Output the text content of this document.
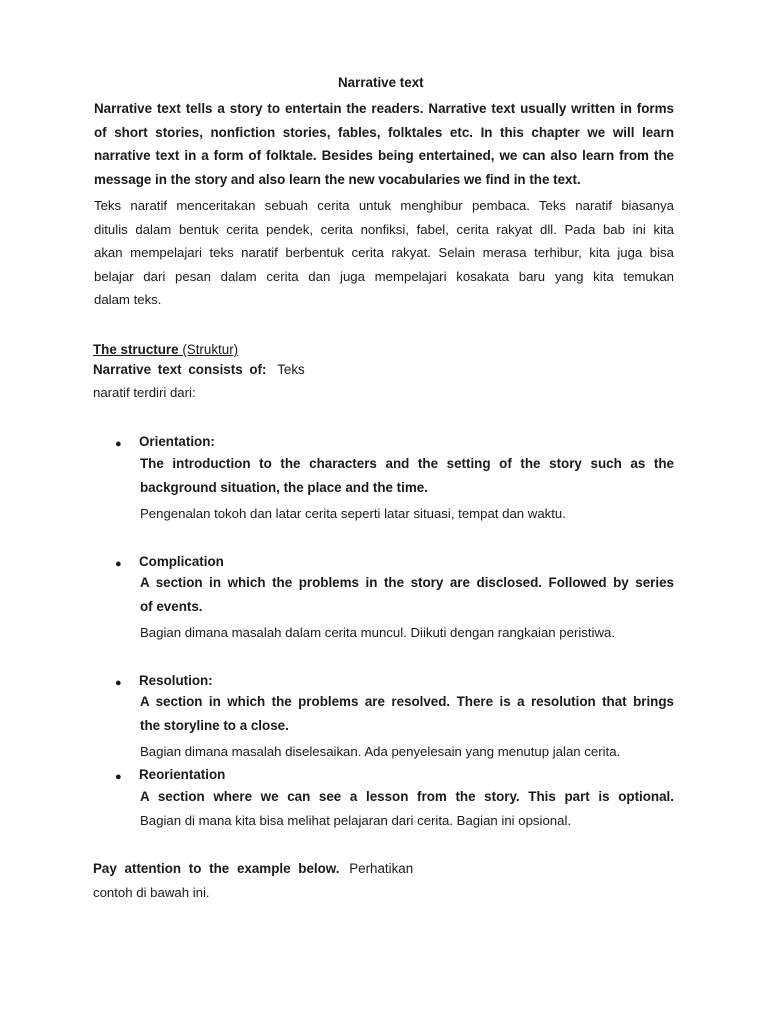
Narrative text
Narrative text tells a story to entertain the readers. Narrative text usually written in forms
of short stories, nonfiction stories, fables, folktales etc. In this chapter we will learn
narrative text in a form of folktale. Besides being entertained, we can also learn from the
message in the story and also learn the new vocabularies we find in the text.
Teks naratif menceritakan sebuah cerita untuk menghibur pembaca. Teks naratif biasanya
ditulis dalam bentuk cerita pendek, cerita nonfiksi, fabel, cerita rakyat dll. Pada bab ini kita
akan mempelajari teks naratif berbentuk cerita rakyat. Selain merasa terhibur, kita juga bisa
belajar dari pesan dalam cerita dan juga mempelajari kosakata baru yang kita temukan
dalam teks.
The structure (Struktur)
Narrative text consists of: Teks
naratif terdiri dari:
● Orientation:
The introduction to the characters and the setting of the story such as the
background situation, the place and the time.
Pengenalan tokoh dan latar cerita seperti latar situasi, tempat dan waktu.
● Complication
A section in which the problems in the story are disclosed. Followed by series
of events.
Bagian dimana masalah dalam cerita muncul. Diikuti dengan rangkaian peristiwa.
● Resolution:
A section in which the problems are resolved. There is a resolution that brings
the storyline to a close.
Bagian dimana masalah diselesaikan. Ada penyelesain yang menutup jalan cerita.
● Reorientation
A section where we can see a lesson from the story. This part is optional.
Bagian di mana kita bisa melihat pelajaran dari cerita. Bagian ini opsional.
Pay attention to the example below. Perhatikan
contoh di bawah ini.
